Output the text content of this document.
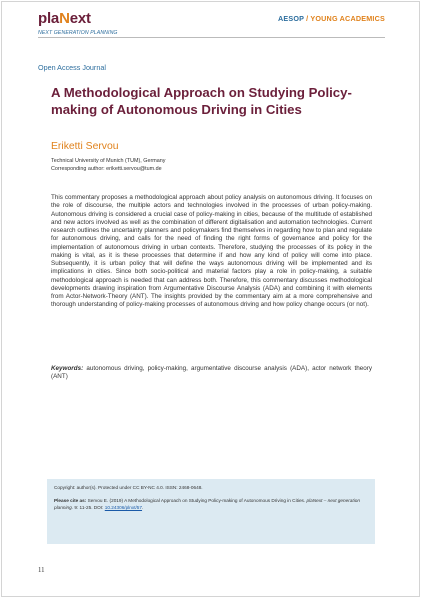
plaNext
NEXT GENERATION PLANNING
AESOP / YOUNG ACADEMICS
Open Access Journal
A Methodological Approach on Studying Policy-making of Autonomous Driving in Cities
Eriketti Servou
Technical University of Munich (TUM), Germany
Corresponding author: eriketti.servou@tum.de

This commentary proposes a methodological approach about policy analysis on autonomous driving. It focuses on the role of discourse, the multiple actors and technologies involved in the processes of urban policy-making. Autonomous driving is considered a crucial case of policy-making in cities, because of the multitude of established and new actors involved as well as the combination of different digitalisation and automation technologies. Current research outlines the uncertainty planners and policymakers find themselves in regarding how to plan and regulate for autonomous driving, and calls for the need of finding the right forms of governance and policy for the implementation of autonomous driving in urban contexts. Therefore, studying the processes of its policy in the making is vital, as it is these processes that determine if and how any kind of policy will come into place. Subsequently, it is urban policy that will define the ways autonomous driving will be implemented and its implications in cities. Since both socio-political and material factors play a role in policy-making, a suitable methodological approach is needed that can address both. Therefore, this commentary discusses methodological developments drawing inspiration from Argumentative Discourse Analysis (ADA) and combining it with elements from Actor-Network-Theory (ANT). The insights provided by the commentary aim at a more comprehensive and thorough understanding of policy-making processes of autonomous driving and how policy change occurs (or not).

Keywords: autonomous driving, policy-making, argumentative discourse analysis (ADA), actor network theory (ANT)

Copyright: author(s). Protected under CC BY-NC 4.0. ISSN: 2468-0648.

Please cite as: Servou E. (2019) A Methodological Approach on Studying Policy-making of Autonomous Driving in Cities. plaNext – next generation planning. 9: 11-25. DOI: 10.24306/plnxt/57.

11
